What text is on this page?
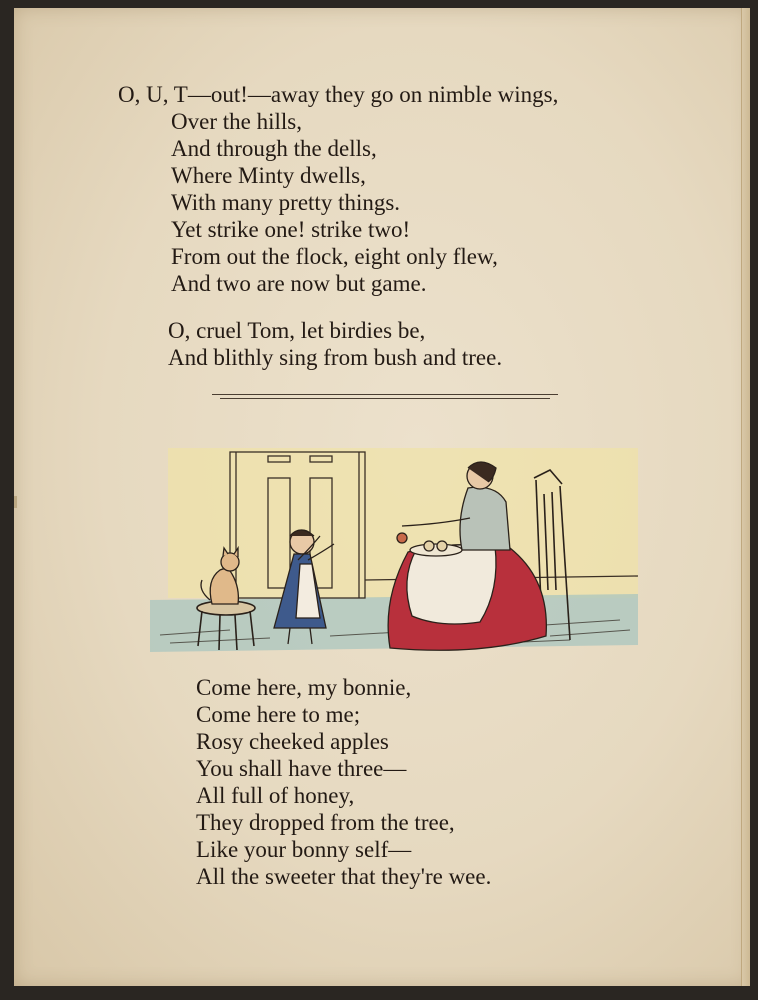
O, U, T—out!—away they go on nimble wings,
Over the hills,
And through the dells,
Where Minty dwells,
With many pretty things.
Yet strike one! strike two!
From out the flock, eight only flew,
And two are now but game.
O, cruel Tom, let birdies be,
And blithly sing from bush and tree.
Come here, my bonnie,
Come here to me;
Rosy cheeked apples
You shall have three—
All full of honey,
They dropped from the tree,
Like your bonny self—
All the sweeter that they're wee.
